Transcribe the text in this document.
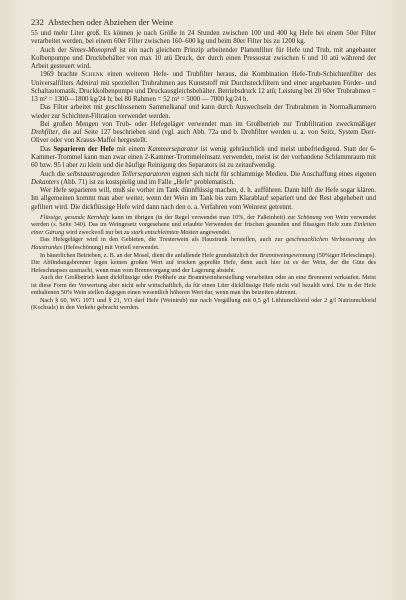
232 Abstechen oder Abziehen der Weine

55 und mehr Liter groß. Es können je nach Größe in 24 Stunden zwischen 100 und 400 kg Hefe bei einem 50er Filter verarbeitet werden, bei einem 60er Filter zwischen 160–600 kg und beim 80er Filter bis zu 1200 kg.

Auch der Simex-Monopreß ist ein nach gleichem Prinzip arbeitender Plattenfilter für Hefe und Trub, mit angebauter Kolbenpumpe und Druckbehälter von max 10 atü Druck, der durch einen Pressostat zwischen 6 und 10 atü während der Arbeit gesteuert wird.

1969 brachte Schenk einen weiteren Hefe- und Trubfilter heraus, die Kombination Hefe-Trub-Schichtenfilter des Universalfilters Admiral mit speziellen Trubrahmen aus Kunststoff mit Durchsteckfiltern und einer angebauten Förder- und Schaltautomatik, Druckkolbenpumpe und Druckausgleichsbehälter. Betriebsdruck 12 atü; Leistung bei 20 60er Trubrahmen = 13 m² = 1300—1800 kg/24 h; bei 80 Rahmen = 52 m² = 5000 — 7000 kg/24 h.

Das Filter arbeitet mit geschlossenem Sammelkanal und kann durch Auswechseln der Trubrahmen in Normalkammern wieder zur Schichten-Filtration verwendet werden.

Bei großen Mengen von Trub- oder Hefegeläger verwendet man im Großbetrieb zur Trubfiltration zweckmäßiger Drehfilter, die auf Seite 127 beschrieben sind (vgl. auch Abb. 72a und b. Drehfilter werden u. a. von Seitz, System Dorr-Oliver oder von Krauss-Maffei hergestellt.

Das Separieren der Hefe mit einem Kammerseparator ist wenig gebräuchlich und meist unbefriedigend. Statt der 6-Kammer-Trommel kann man zwar einen 2-Kammer-Trommeleinsatz verwenden, meist ist der vorhandene Schlammraum mit 60 bzw. 95 l aber zu klein und die häufige Reinigung des Separators ist zu zeitaufwendig.

Auch die selbstaustragenden Tellerseparatoren eignen sich nicht für schlammige Medien. Die Anschaffung eines eigenen Dekanters (Abb. 71) ist zu kostspielig und im Falle „Hefe“ problematisch.

Wer Hefe separieren will, muß sie vorher im Tank dünnflüssig machen, d. h. aufführen. Dann hilft die Hefe sogar klären. Im allgemeinen kommt man aber weiter, wenn der Wein im Tank bis zum Klarablauf separiert und der Rest abgehebert und gefiltert wird. Die dickflüssige Hefe wird dann nach den o. a. Verfahren vom Weinrest getrennt.

Flüssige, gesunde Kernhefe kann im übrigen (in der Regel verwendet man 10%, der Faßeinheit) zur Schönung von Wein verwendet werden (s. Seite 340). Das im Weingesetz vorgesehene und erlaubte Verwenden der frischen gesunden und flüssigen Hefe zum Einleiten einer Gärung wird zweckvoll nur bei zu stark entschleimten Mosten angewendet.

Das Hefegeläger wird in den Gebieten, die Tresterwein als Haustrunk herstellen, auch zur geschmacklichen Verbesserung des Haustrunkes (Hefeschönung) mit Vorteil verwendet.

In bäuerlichen Betrieben, z. B. an der Mosel, dient die anfallende Hefe grundsätzlich der Branntweingewinnung (50%iger Hefeschnaps). Die Abfindungsbrenner legen keinen großen Wert auf trocken gepreßte Hefe, denn auch hier ist es der Wein, der die Güte des Hefeschnapses ausmacht, wenn man vom Brennvorgang und der Lagerung absieht.

Auch der Großbetrieb kann dickflüssige oder Preßhefe zur Branntweinherstellung verarbeiten oder an eine Brennerei verkaufen. Meist ist diese Form der Verwertung aber nicht sehr wirtschaftlich, da für einen Liter dickflüssige Hefe nicht viel bezahlt wird. Die in der Hefe enthaltenen 50% Wein stellen dagegen einen wesentlich höheren Wert dar, wenn man ihn beizeiten abtrennt.

Nach § 60, WG 1971 und § 21, VO darf Hefe (Weintrub) nur nach Vergällung mit 0,5 g/l Lithiumchlorid oder 2 g/l Natriumchlorid (Kochsalz) in den Verkehr gebracht werden.
